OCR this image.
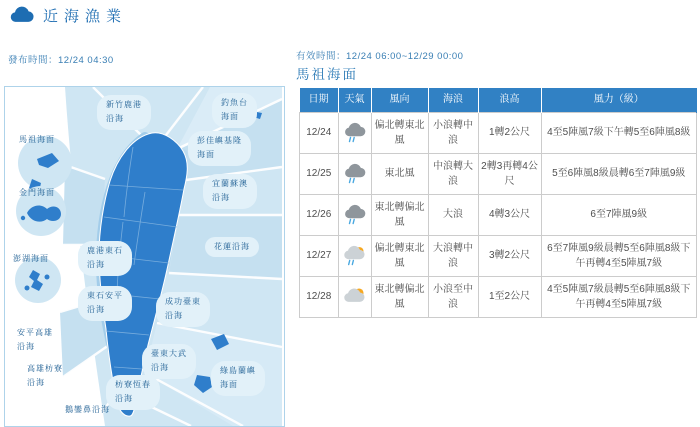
近海漁業
發布時間：12/24 04:30	有效時間：12/24 06:00~12/29 00:00
馬祖海面
日期	天氣	風向	海浪	浪高	風力（級）
12/24		偏北轉東北風	小浪轉中浪	1轉2公尺	4至5陣風7級下午轉5至6陣風8級
12/25		東北風	中浪轉大浪	2轉3再轉4公尺	5至6陣風8級晨轉6至7陣風9級
12/26		東北轉偏北風	大浪	4轉3公尺	6至7陣風9級
12/27		偏北轉東北風	大浪轉中浪	3轉2公尺	6至7陣風9級晨轉5至6陣風8級下午再轉4至5陣風7級
12/28		東北轉偏北風	小浪至中浪	1至2公尺	4至5陣風7級晨轉5至6陣風8級下午再轉4至5陣風7級
新竹鹿港
沿海
釣魚台
海面
馬祖海面	彭佳嶼基隆
海面
宜蘭蘇澳
沿海
金門海面
花蓮沿海
鹿港東石
沿海
澎湖海面
東石安平
沿海
成功臺東
沿海
安平高雄
沿海
臺東大武
沿海
高雄枋寮
沿海
綠島蘭嶼
海面
枋寮恆春
沿海
鵝鑾鼻沿海
